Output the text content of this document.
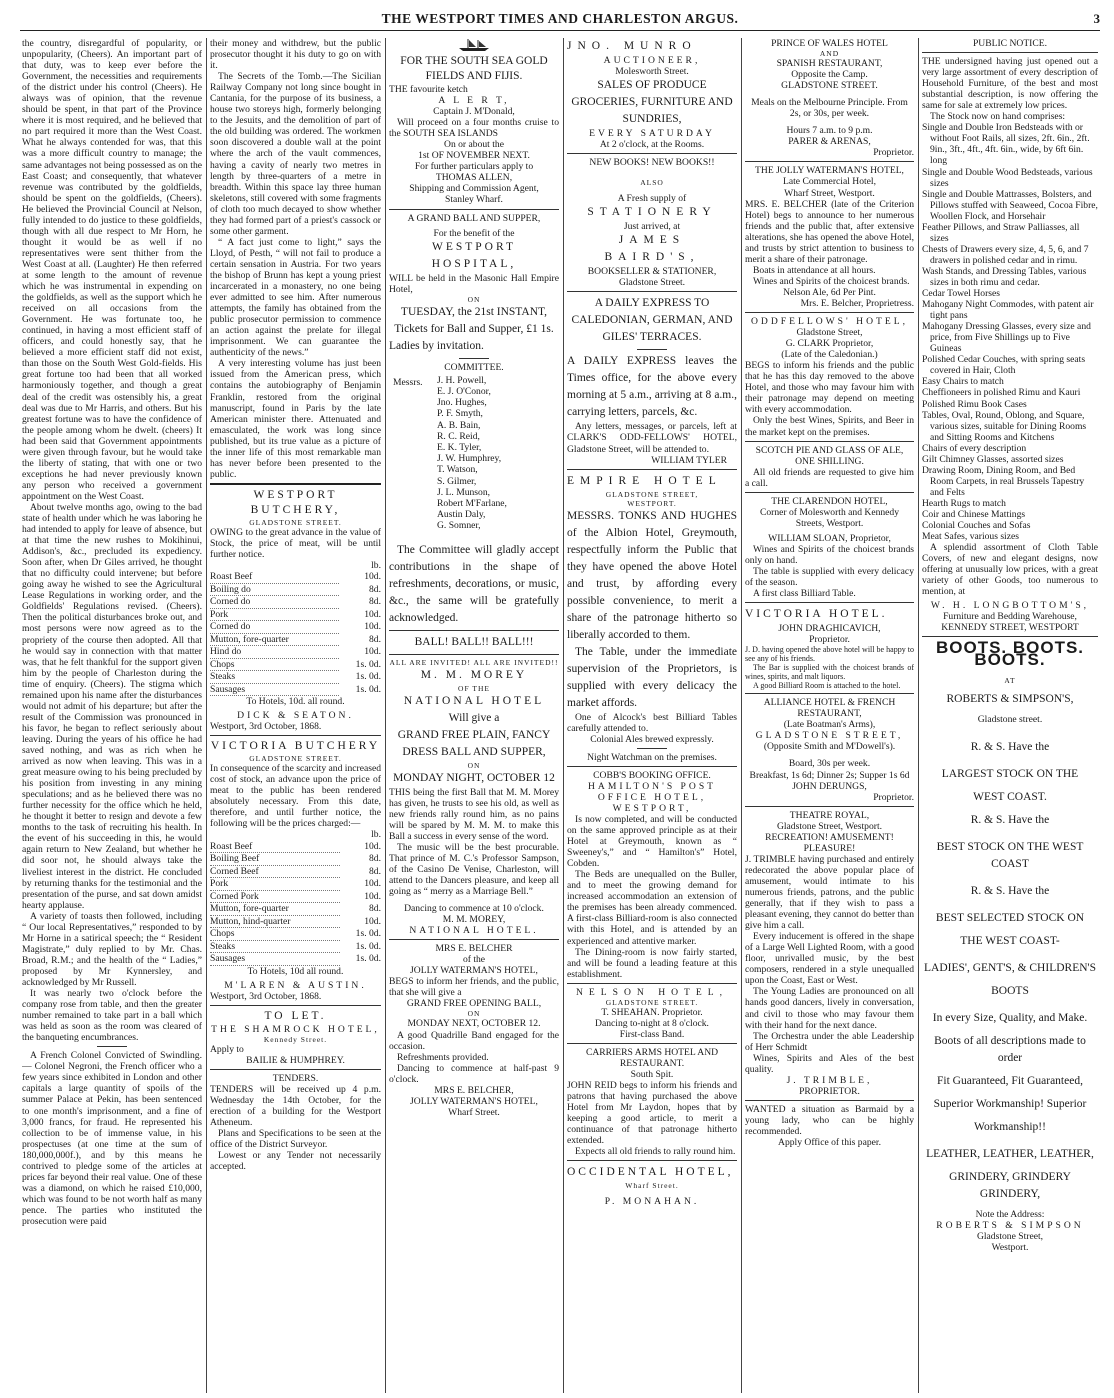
THE WESTPORT TIMES AND CHARLESTON ARGUS.	3

the country, disregardful of popularity, or unpopularity, (Cheers). An important part of that duty, was to keep ever before the Government, the necessities and requirements of the district under his control (Cheers). He always was of opinion, that the revenue should be spent, in that part of the Province where it is most required, and he believed that no part required it more than the West Coast. What he always contended for was, that this was a more difficult country to manage; the same advantages not being possessed as on the East Coast; and consequently, that whatever revenue was contributed by the goldfields, should be spent on the goldfields, (Cheers). He believed the Provincial Council at Nelson, fully intended to do justice to these goldfields, though with all due respect to Mr Horn, he thought it would be as well if no representatives were sent thither from the West Coast at all. (Laughter) He then referred at some length to the amount of revenue which he was instrumental in expending on the goldfields, as well as the support which he received on all occasions from the Government. He was fortunate too, he continued, in having a most efficient staff of officers, and could honestly say, that he believed a more efficient staff did not exist, than those on the South West Gold-fields. His great fortune too had been that all worked harmoniously together, and though a great deal of the credit was ostensibly his, a great deal was due to Mr Harris, and others. But his greatest fortune was to have the confidence of the people among whom he dwelt. (cheers) It had been said that Government appointments were given through favour, but he would take the liberty of stating, that with one or two exceptions he had never previously known any person who received a government appointment on the West Coast.

About twelve months ago, owing to the bad state of health under which he was laboring he had intended to apply for leave of absence, but at that time the new rushes to Mokihinui, Addison's, &c., precluded its expediency. Soon after, when Dr Giles arrived, he thought that no difficulty could intervene; but before going away he wished to see the Agricultural Lease Regulations in working order, and the Goldfields' Regulations revised. (Cheers). Then the political disturbances broke out, and most persons were now agreed as to the propriety of the course then adopted. All that he would say in connection with that matter was, that he felt thankful for the support given him by the people of Charleston during the time of enquiry. (Cheers). The stigma which remained upon his name after the disturbances would not admit of his departure; but after the result of the Commission was pronounced in his favor, he began to reflect seriously about leaving. During the years of his office he had saved nothing, and was as rich when he arrived as now when leaving. This was in a great measure owing to his being precluded by his position from investing in any mining speculations; and as he believed there was no further necessity for the office which he held, he thought it better to resign and devote a few months to the task of recruiting his health. In the event of his succeeding in this, he would again return to New Zealand, but whether he did soor not, he should always take the liveliest interest in the district. He concluded by returning thanks for the testimonial and the presentation of the purse, and sat down amidst hearty applause.

A variety of toasts then followed, including “ Our local Representatives,” responded to by Mr Horne in a satirical speech; the “ Resident Magistrate,” duly replied to by Mr. Chas. Broad, R.M.; and the health of the “ Ladies,” proposed by Mr Kynnersley, and acknowledged by Mr Russell.

It was nearly two o'clock before the company rose from table, and then the greater number remained to take part in a ball which was held as soon as the room was cleared of the banqueting encumbrances.

A French Colonel Convicted of Swindling. — Colonel Negroni, the French officer who a few years since exhibited in London and other capitals a large quantity of spoils of the summer Palace at Pekin, has been sentenced to one month's imprisonment, and a fine of 3,000 francs, for fraud. He represented his collection to be of immense value, in his prospectuses (at one time at the sum of 180,000,000f.), and by this means he contrived to pledge some of the articles at prices far beyond their real value. One of these was a diamond, on which he raised £10,000, which was found to be not worth half as many pence. The parties who instituted the prosecution were paid

their money and withdrew, but the public prosecutor thought it his duty to go on with it.

The Secrets of the Tomb.—The Sicilian Railway Company not long since bought in Cantania, for the purpose of its business, a house two storeys high, formerly belonging to the Jesuits, and the demolition of part of the old building was ordered. The workmen soon discovered a double wall at the point where the arch of the vault commences, having a cavity of nearly two metres in length by three-quarters of a metre in breadth. Within this space lay three human skeletons, still covered with some fragments of cloth too much decayed to show whether they had formed part of a priest's cassock or some other garment.

“ A fact just come to light,” says the Lloyd, of Pesth, “ will not fail to produce a certain sensation in Austria. For two years the bishop of Brunn has kept a young priest incarcerated in a monastery, no one being ever admitted to see him. After numerous attempts, the family has obtained from the public prosecutor permission to commence an action against the prelate for illegal imprisonment. We can guarantee the authenticity of the news.”

A very interesting volume has just been issued from the American press, which contains the autobiography of Benjamin Franklin, restored from the original manuscript, found in Paris by the late American minister there. Attenuated and emasculated, the work was long since published, but its true value as a picture of the inner life of this most remarkable man has never before been presented to the public.

WESTPORT BUTCHERY,
GLADSTONE STREET.

OWING to the great advance in the value of Stock, the price of meat, will be until further notice.

lb.
Roast Beef	10d.
Boiling do	8d.
Corned do	8d.
Pork	10d.
Corned do	10d.
Mutton, fore-quarter	8d.
Hind do	10d.
Chops	1s. 0d.
Steaks	1s. 0d.
Sausages	1s. 0d.
To Hotels, 10d. all round.
DICK & SEATON.
Westport, 3rd October, 1868.
VICTORIA BUTCHERY
GLADSTONE STREET.

In consequence of the scarcity and increased cost of stock, an advance upon the price of meat to the public has been rendered absolutely necessary. From this date, therefore, and until further notice, the following will be the prices charged:—

lb.
Roast Beef	10d.
Boiling Beef	8d.
Corned Beef	8d.
Pork	10d.
Corned Pork	10d.
Mutton, fore-quarter	8d.
Mutton, hind-quarter	10d.
Chops	1s. 0d.
Steaks	1s. 0d.
Sausages	1s. 0d.
To Hotels, 10d all round.
M'LAREN & AUSTIN.
Westport, 3rd October, 1868.
TO LET.
THE SHAMROCK HOTEL,
Kennedy Street.
Apply to
BAILIE & HUMPHREY.
TENDERS.

TENDERS will be received up 4 p.m. Wednesday the 14th October, for the erection of a building for the Westport Atheneum.

Plans and Specifications to be seen at the office of the District Surveyor.

Lowest or any Tender not necessarily accepted.

FOR THE SOUTH SEA GOLD
FIELDS AND FIJIS.
THE favourite ketch
A L E R T,
Captain J. M'Donald,

Will proceed on a four months cruise to the SOUTH SEA ISLANDS

On or about the
1st OF NOVEMBER NEXT.
For further particulars apply to
THOMAS ALLEN,
Shipping and Commission Agent,
Stanley Wharf.
A GRAND BALL AND SUPPER,
For the benefit of the
WESTPORT HOSPITAL,

WILL be held in the Masonic Hall Empire Hotel,

ON
TUESDAY, the 21st INSTANT,
Tickets for Ball and Supper, £1 1s.
Ladies by invitation.
COMMITTEE.
Messrs. J. H. Powell,
E. J. O'Conor,
Jno. Hughes,
P. F. Smyth,
A. B. Bain,
R. C. Reid,
E. K. Tyler,
J. W. Humphrey,
T. Watson,
S. Gilmer,
J. L. Munson,
Robert M'Farlane,
Austin Daly,
G. Somner,

The Committee will gladly accept contributions in the shape of refreshments, decorations, or music, &c., the same will be gratefully acknowledged.

BALL! BALL!! BALL!!!
ALL ARE INVITED! ALL ARE INVITED!!
M. M. MOREY
OF THE
NATIONAL HOTEL
Will give a
GRAND FREE PLAIN, FANCY
DRESS BALL AND SUPPER,
ON
MONDAY NIGHT, OCTOBER 12

THIS being the first Ball that M. M. Morey has given, he trusts to see his old, as well as new friends rally round him, as no pains will be spared by M. M. M. to make this Ball a success in every sense of the word.

The music will be the best procurable. That prince of M. C.'s Professor Sampson, of the Casino De Venise, Charleston, will attend to the Dancers pleasure, and keep all going as “ merry as a Marriage Bell.”

Dancing to commence at 10 o'clock.
M. M. MOREY,
NATIONAL HOTEL.
MRS E. BELCHER
of the
JOLLY WATERMAN'S HOTEL,

BEGS to inform her friends, and the public, that she will give a

GRAND FREE OPENING BALL,
ON
MONDAY NEXT, OCTOBER 12.

A good Quadrille Band engaged for the occasion.

Refreshments provided.

Dancing to commence at half-past 9 o'clock.

MRS E. BELCHER,
JOLLY WATERMAN'S HOTEL,
Wharf Street.
JNO. MUNRO
AUCTIONEER,
Molesworth Street.
SALES OF PRODUCE GROCERIES, FURNITURE AND SUNDRIES,
EVERY SATURDAY
At 2 o'clock, at the Rooms.
NEW BOOKS! NEW BOOKS!!
ALSO
A Fresh supply of
STATIONERY
Just arrived, at
JAMES BAIRD'S,
BOOKSELLER & STATIONER,
Gladstone Street.
A DAILY EXPRESS TO CALEDONIAN, GERMAN, AND GILES' TERRACES.

A DAILY EXPRESS leaves the Times office, for the above every morning at 5 a.m., arriving at 8 a.m., carrying letters, parcels, &c.

Any letters, messages, or parcels, left at CLARK'S ODD-FELLOWS' HOTEL, Gladstone Street, will be attended to.

WILLIAM TYLER
EMPIRE HOTEL
GLADSTONE STREET,
WESTPORT.

MESSRS. TONKS AND HUGHES of the Albion Hotel, Greymouth, respectfully inform the Public that they have opened the above Hotel and trust, by affording every possible convenience, to merit a share of the patronage hitherto so liberally accorded to them.

The Table, under the immediate supervision of the Proprietors, is supplied with every delicacy the market affords.

One of Alcock's best Billiard Tables carefully attended to.

Colonial Ales brewed expressly.
Night Watchman on the premises.
COBB'S BOOKING OFFICE.
HAMILTON'S POST OFFICE HOTEL, WESTPORT,

Is now completed, and will be conducted on the same approved principle as at their Hotel at Greymouth, known as “ Sweeney's,” and “ Hamilton's” Hotel, Cobden.

The Beds are unequalled on the Buller, and to meet the growing demand for increased accommodation an extension of the premises has been already commenced. A first-class Billiard-room is also connected with this Hotel, and is attended by an experienced and attentive marker.

The Dining-room is now fairly started, and will be found a leading feature at this establishment.

NELSON HOTEL,
GLADSTONE STREET.
T. SHEAHAN. Proprietor.
Dancing to-night at 8 o'clock.
First-class Band.
CARRIERS ARMS HOTEL AND RESTAURANT.
South Spit.

JOHN REID begs to inform his friends and patrons that having purchased the above Hotel from Mr Laydon, hopes that by keeping a good article, to merit a continuance of that patronage hitherto extended.

Expects all old friends to rally round him.

OCCIDENTAL HOTEL,
Wharf Street.
P. MONAHAN.
PRINCE OF WALES HOTEL
AND
SPANISH RESTAURANT,
Opposite the Camp.
GLADSTONE STREET.
Meals on the Melbourne Principle. From 2s, or 30s, per week.
Hours 7 a.m. to 9 p.m.
PARER & ARENAS,
Proprietor.
THE JOLLY WATERMAN'S HOTEL,
Late Commercial Hotel,
Wharf Street, Westport.

MRS. E. BELCHER (late of the Criterion Hotel) begs to announce to her numerous friends and the public that, after extensive alterations, she has opened the above Hotel, and trusts by strict attention to business to merit a share of their patronage.

Boats in attendance at all hours.

Wines and Spirits of the choicest brands.

Nelson Ale, 6d Per Pint.
Mrs. E. Belcher, Proprietress.
ODDFELLOWS' HOTEL,
Gladstone Street,
G. CLARK Proprietor,
(Late of the Caledonian.)

BEGS to inform his friends and the public that he has this day removed to the above Hotel, and those who may favour him with their patronage may depend on meeting with every accommodation.

Only the best Wines, Spirits, and Beer in the market kept on the premises.

SCOTCH PIE AND GLASS OF ALE, ONE SHILLING.

All old friends are requested to give him a call.

THE CLARENDON HOTEL,
Corner of Molesworth and Kennedy Streets, Westport.
WILLIAM SLOAN, Proprietor,

Wines and Spirits of the choicest brands only on hand.

The table is supplied with every delicacy of the season.

A first class Billiard Table.

VICTORIA HOTEL.
JOHN DRAGHICAVICH,
Proprietor.

J. D. having opened the above hotel will be happy to see any of his friends.

The Bar is supplied with the choicest brands of wines, spirits, and malt liquors.

A good Billiard Room is attached to the hotel.

ALLIANCE HOTEL & FRENCH RESTAURANT,
(Late Boatman's Arms),
GLADSTONE STREET,
(Opposite Smith and M'Dowell's).
Board, 30s per week.
Breakfast, 1s 6d; Dinner 2s; Supper 1s 6d
JOHN DERUNGS,
Proprietor.
THEATRE ROYAL,
Gladstone Street, Westport.
RECREATION! AMUSEMENT! PLEASURE!

J. TRIMBLE having purchased and entirely redecorated the above popular place of amusement, would intimate to his numerous friends, patrons, and the public generally, that if they wish to pass a pleasant evening, they cannot do better than give him a call.

Every inducement is offered in the shape of a Large Well Lighted Room, with a good floor, unrivalled music, by the best composers, rendered in a style unequalled upon the Coast, East or West.

The Young Ladies are pronounced on all hands good dancers, lively in conversation, and civil to those who may favour them with their hand for the next dance.

The Orchestra under the able Leadership of Herr Schmidt

Wines, Spirits and Ales of the best quality.

J. TRIMBLE,
PROPRIETOR.

WANTED a situation as Barmaid by a young lady, who can be highly recommended.

Apply Office of this paper.
PUBLIC NOTICE.

THE undersigned having just opened out a very large assortment of every description of Household Furniture, of the best and most substantial description, is now offering the same for sale at extremely low prices.

The Stock now on hand comprises:

Single and Double Iron Bedsteads with or without Foot Rails, all sizes, 2ft. 6in., 2ft. 9in., 3ft., 4ft., 4ft. 6in., wide, by 6ft 6in. long
Single and Double Wood Bedsteads, various sizes
Single and Double Mattrasses, Bolsters, and Pillows stuffed with Seaweed, Cocoa Fibre, Woollen Flock, and Horsehair
Feather Pillows, and Straw Palliasses, all sizes
Chests of Drawers every size, 4, 5, 6, and 7 drawers in polished cedar and in rimu.
Wash Stands, and Dressing Tables, various sizes in both rimu and cedar.
Cedar Towel Horses
Mahogany Night Commodes, with patent air tight pans
Mahogany Dressing Glasses, every size and price, from Five Shillings up to Five Guineas
Polished Cedar Couches, with spring seats covered in Hair, Cloth
Easy Chairs to match
Cheffioneers in polished Rimu and Kauri
Polished Rimu Book Cases
Tables, Oval, Round, Oblong, and Square, various sizes, suitable for Dining Rooms and Sitting Rooms and Kitchens
Chairs of every description
Gilt Chimney Glasses, assorted sizes
Drawing Room, Dining Room, and Bed Room Carpets, in real Brussels Tapestry and Felts
Hearth Rugs to match
Coir and Chinese Mattings
Colonial Couches and Sofas
Meat Safes, various sizes

A splendid assortment of Cloth Table Covers, of new and elegant designs, now offering at unusually low prices, with a great variety of other Goods, too numerous to mention, at

W. H. LONGBOTTOM'S,
Furniture and Bedding Warehouse,
KENNEDY STREET, WESTPORT
BOOTS. BOOTS. BOOTS.
AT
ROBERTS & SIMPSON'S,
Gladstone street.
R. & S. Have the
LARGEST STOCK ON THE
WEST COAST.
R. & S. Have the
BEST STOCK ON THE WEST COAST
R. & S. Have the
BEST SELECTED STOCK ON
THE WEST COAST-
LADIES', GENT'S, & CHILDREN'S
BOOTS
In every Size, Quality, and Make.
Boots of all descriptions made to order
Fit Guaranteed, Fit Guaranteed,
Superior Workmanship! Superior
Workmanship!!
LEATHER, LEATHER, LEATHER,
GRINDERY, GRINDERY
GRINDERY,
Note the Address:
ROBERTS & SIMPSON
Gladstone Street,
Westport.
